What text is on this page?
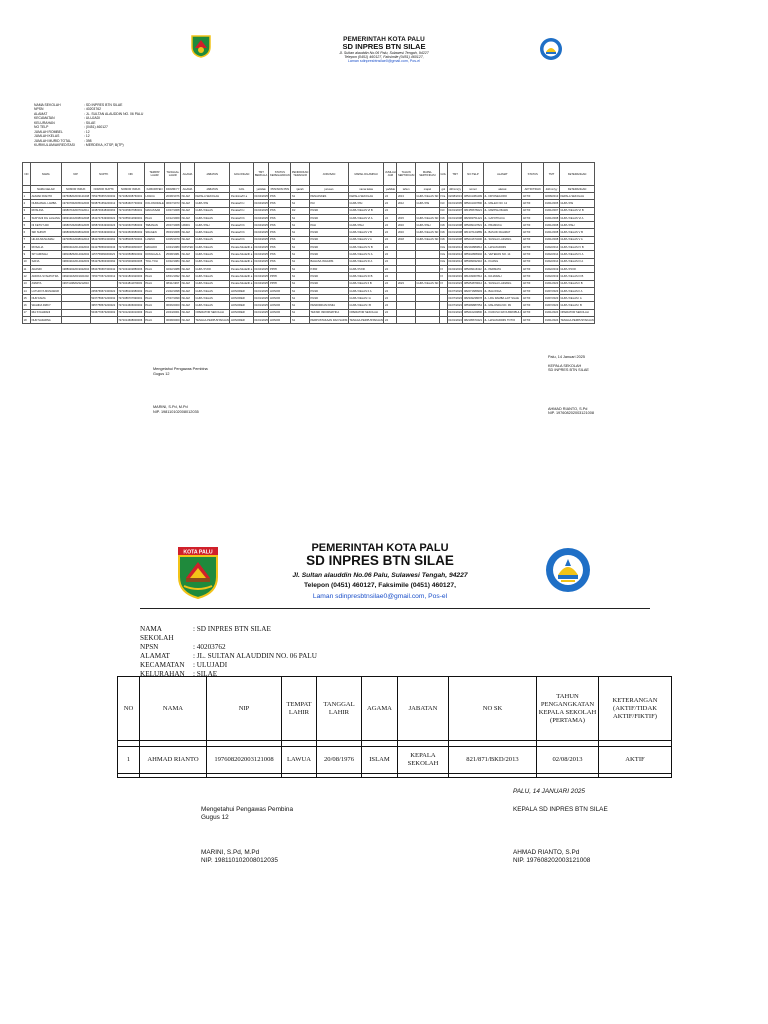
PEMERINTAH KOTA PALU
SD INPRES BTN SILAE
Jl. Sultan alauddin No.06 Palu, Sulawesi Tengah, 94227
Telepon (0451) 460127, Faksimile (0451) 460127,
Laman sdinpresbtnsilae0@gmail.com, Pos-el
NAMA SEKOLAH	: SD INPRES BTN SILAE
NPSN	: 40203762
ALAMAT	: JL. SULTAN ALAUDDIN NO. 06 PALU
KECAMATAN	: ULUJADI
KELURAHAN	: SILAE
NO TELP	: (0451) 460127
JUMLAH ROMBEL	: 12
JUMLAH KELAS	: 12
JUMLAH MURID TOTAL	: 398
KURIKULUM/AKREDITASI	: MERDEKA, KTSP, B(TP)
NO	NAMA	NIP	NUPTK	NIK	TEMPAT LAHIR	TANGGAL LAHIR	AGAMA	JABATAN	GOLONGAN	TMT BERKALA	STATUS KEPEGAWAIAN	PENDIDIKAN TERAKHIR	JURUSAN	MAPEL DILAMPAU	JUMLAH JAM	TAHUN SERTIFIKASI	MAPEL SERTIFIKASI	GOL	TMT	NO TELP	ALAMAT	STATUS	TMT	KETERANGAN
	NAMA GELAR	NOMOR INDUK	NOMOR NUPTK	NOMOR INDUK	KABUPATEN	DD/MM/YY	AGAMA	JABATAN	GOL	ya/tidak	PNS/NON PNS	ijazah	jurusan	nama kelas	ya/tidak	tahun	mapel	gol	dd/mm/yy	nomor	alamat	AKTIF/TIDAK	dd/mm/yy	KETERANGAN
1	AHMAD RIANTO	197608202003121008	7052756657200032	7271082008760001	LAWUA	20/08/1976	ISLAM	KEPALA SEKOLAH	Pembina/IV a	01/04/2025	PNS	S1	PENJASKES	KEPALA SEKOLAH	24	2013	GURU KELAS SD	IV/a	02/08/2013	085241384499	JL. DIPONEGORO	AKTIF	02/08/2013	KEPALA SEKOLAH
2	NURHAMAL LAMBA	197307062005012006	5038751652200012	7271084607730002	KOLONODALE	06/07/1973	ISLAM	GURU PAI	Penata/III c	01/04/2025	PNS	S1	PAI	GURU PAI	24	2012	GURU PAI	III/c	01/01/2005	085241327890	JL. MALEO NO. 12	AKTIF	01/01/2005	GURU PAI
3	ROSLINA	196807162007012011	1048746648300063	7271045607680001	MAKASSAR	16/07/1968	ISLAM	GURU KELAS	Penata/III c	01/04/2025	PNS	D2	PGSD	GURU KELAS VI B	24			III/c	01/01/2007	081355678221	JL. MAPPAH BAWA	AKTIF	01/01/2007	GURU KELAS VI B
4	SURYANI DG LAGANG	196912102008012008	1542747649300022	7271055012690001	PALU	10/12/1969	ISLAM	GURU KELAS	Penata/III b	01/04/2025	PNS	S1	PGSD	GURU KELAS VI A	24	2015	GURU KELAS SD	III/b	01/01/2008	082393751421	JL. GATOTKACA	AKTIF	01/01/2008	GURU KELAS VI A
5	NI KETUT ADI	196807262008012005	3058746649300023	7271026607680003	TABANAN	26/07/1968	HINDU	GURU PAH	Penata/III b	01/04/2025	PNS	S1	PAH	GURU PAH	24	2016	GURU PAH	III/b	01/01/2008	085299417821	JL. PRAMUKA	AKTIF	01/01/2008	GURU PAH
6	SRI SUPATI	196803052008012006	2637746649300012	7271024503680002	SRAGEN	05/03/1968	ISLAM	GURU KELAS	Penata/III b	01/04/2025	PNS	S1	PGSD	GURU KELAS V B	24	2016	GURU KELAS SD	III/b	01/01/2008	081337124889	JL. BASUKI RAHMAT	AKTIF	01/01/2008	GURU KELAS V B
7	HILDA MUSLIMAH	197005102008012016	3842748651300062	7271085005700004	LUWUK	10/05/1970	ISLAM	GURU KELAS	Penata/III b	01/04/2025	PNS	S1	PGSD	GURU KELAS V A	24	2018	GURU KELAS SD	III/b	01/01/2008	085241673200	JL. SUNGAI LARIANG	AKTIF	01/01/2008	GURU KELAS V A
8	ROSALIA	198004102014022004	0242758660300043	7271085004800007	MANADO	10/04/1980	KRISTEN	GURU KELAS	Penata Muda/III a	01/04/2025	PNS	S1	PGSD	GURU KELAS IV B	24			III/a	01/02/2014	082194880812	JL. HASANUDDIN	AKTIF	01/02/2014	GURU KELAS IV B
9	SITI AMINAH	198108252014022002	1157759660300023	7271016508810002	DONGGALA	25/08/1981	ISLAM	GURU KELAS	Penata Muda/III a	01/04/2025	PNS	S1	PGSD	GURU KELAS IV A	24			III/a	01/02/2014	085342868302	JL. VETERAN NO. 14	AKTIF	01/02/2014	GURU KELAS IV A
10	SAFIA	198402102014022003	5542762663300092	7271015002840005	TOLI-TOLI	10/02/1984	ISLAM	GURU KELAS	Penata Muda/III a	01/04/2025	PNS	S1	BAHASA INGGRIS	GURU KELAS III A	24			III/a	01/02/2014	085399932310	JL. KIJANG	AKTIF	01/02/2014	GURU KELAS III A
11	ANASRI	198802022019022004	6534766667300042	7271034202880006	PALU	02/02/1988	ISLAM	GURU PJOK	Penata Muda/III a	01/04/2025	PPPK	S1	PJKR	GURU PJOK	24			IX	01/02/2019	085299116322	JL. PERMATA	AKTIF	01/02/2019	GURU PJOK
12	ANDIKA SYAHPUTRA	199201182019021002	7450770671200012	7271021801920003	PALU	18/01/1992	ISLAM	GURU KELAS	Penata Muda/III a	01/04/2025	PPPK	S1	PGSD	GURU KELAS III B	24			IX	01/02/2019	081249007812	JL. RAJAWALI	AKTIF	01/02/2019	GURU KELAS III B
13	ASMITA	199711082023212010		7271044811970003	PALU	08/11/1997	ISLAM	GURU KELAS	Penata Muda/III a	01/04/2025	PPPK	S1	PGSD	GURU KELAS II B	24	2023	GURU KELAS SD	IX	01/01/2023	085254879012	JL. SUNGAI LARIANG	AKTIF	01/01/2023	GURU KELAS II B
14	LUTHFIYA MUNAWAR		2356769671300022	7271086102980002	PALU	21/02/1998	ISLAM	GURU KELAS	HONORER	01/01/2025	HONOR	S1	PGSD	GURU KELAS II A	24				01/07/2023	082271689903	JL. BALONGA	AKTIF	01/07/2023	GURU KELAS II A
15	NUR FAIZA		5237759671200032	7271086707990001	PALU	27/07/1999	ISLAM	GURU KELAS	HONORER	01/01/2025	HONOR	S1	PGSD	GURU KELAS I A	24				01/07/2023	082349238678	JL. LRG RAMBA LAIT SILAE	AKTIF	01/07/2023	GURU KELAS I A
16	WAHIDA RIZKY		3957758672200022	7271014606000002	PALU	06/06/2000	ISLAM	GURU KELAS	HONORER	01/01/2025	HONOR	S1	PENDIDIKAN KIMIA	GURU KELAS I B	24				01/07/2023	085399887654	JL. MALONDA NO. 99	AKTIF	01/07/2023	GURU KELAS I B
17	RIA SYAHRANI		5436770673200002	7271012204010003	PALU	22/04/2001	ISLAM	OPERATOR SEKOLAH	HONORER	01/01/2025	HONOR	S1	TEKNIK INFORMATIKA	OPERATOR SEKOLAH	24				01/01/2024	085210229800	JL. KURUSU RAYA BIROBULI	AKTIF	01/01/2024	OPERATOR SEKOLAH
18	NUR SAFARNA			7271014608000006	PALU	06/08/2000	ISLAM	TENAGA PERPUSTAKAAN	HONORER	01/01/2025	HONOR	S1	PERPUSTAKAAN DAN SAINS	TENAGA PERPUSTAKAAN	24				01/01/2024	082195673421	JL. HASANUDDIN TOTOI	AKTIF	01/01/2024	TENAGA PERPUSTAKAAN
Mengetahui Pengawas Pembina
Gugus 12
MARINI, S.Pd, M.Pd
NIP. 198110102008012035
Palu, 14 Januari 2025
KEPALA SEKOLAH
SD INPRES BTN SILAE
AHMAD RIANTO, S.Pd
NIP. 197608202003121008
KOTA PALU	PEMERINTAH KOTA PALU
SD INPRES BTN SILAE
Jl. Sultan alauddin No.06 Palu, Sulawesi Tengah, 94227
Telepon (0451) 460127, Faksimile (0451) 460127,
Laman sdinpresbtnsilae0@gmail.com, Pos-el
NAMA SEKOLAH
: SD INPRES BTN SILAE
NPSN	: 40203762
ALAMAT	: JL. SULTAN ALAUDDIN NO. 06 PALU
KECAMATAN	: ULUJADI
KELURAHAN	: SILAE
NO	NAMA	NIP	TEMPAT LAHIR	TANGGAL LAHIR	AGAMA	JABATAN	NO SK	TAHUN PENGANGKATAN KEPALA SEKOLAH (PERTAMA)	KETERANGAN (AKTIF/TIDAK AKTIF/FIKTIF)

1	AHMAD RIANTO	197608202003121008	LAWUA	20/08/1976	ISLAM	KEPALA SEKOLAH	821/871/BKD/2013	02/08/2013	AKTIF

PALU, 14 JANUARI 2025
KEPALA SD INPRES BTN SILAE
Mengetahui Pengawas Pembina
Gugus 12
MARINI, S.Pd, M.Pd
NIP. 198110102008012035
AHMAD RIANTO, S.Pd
NIP. 197608202003121008
